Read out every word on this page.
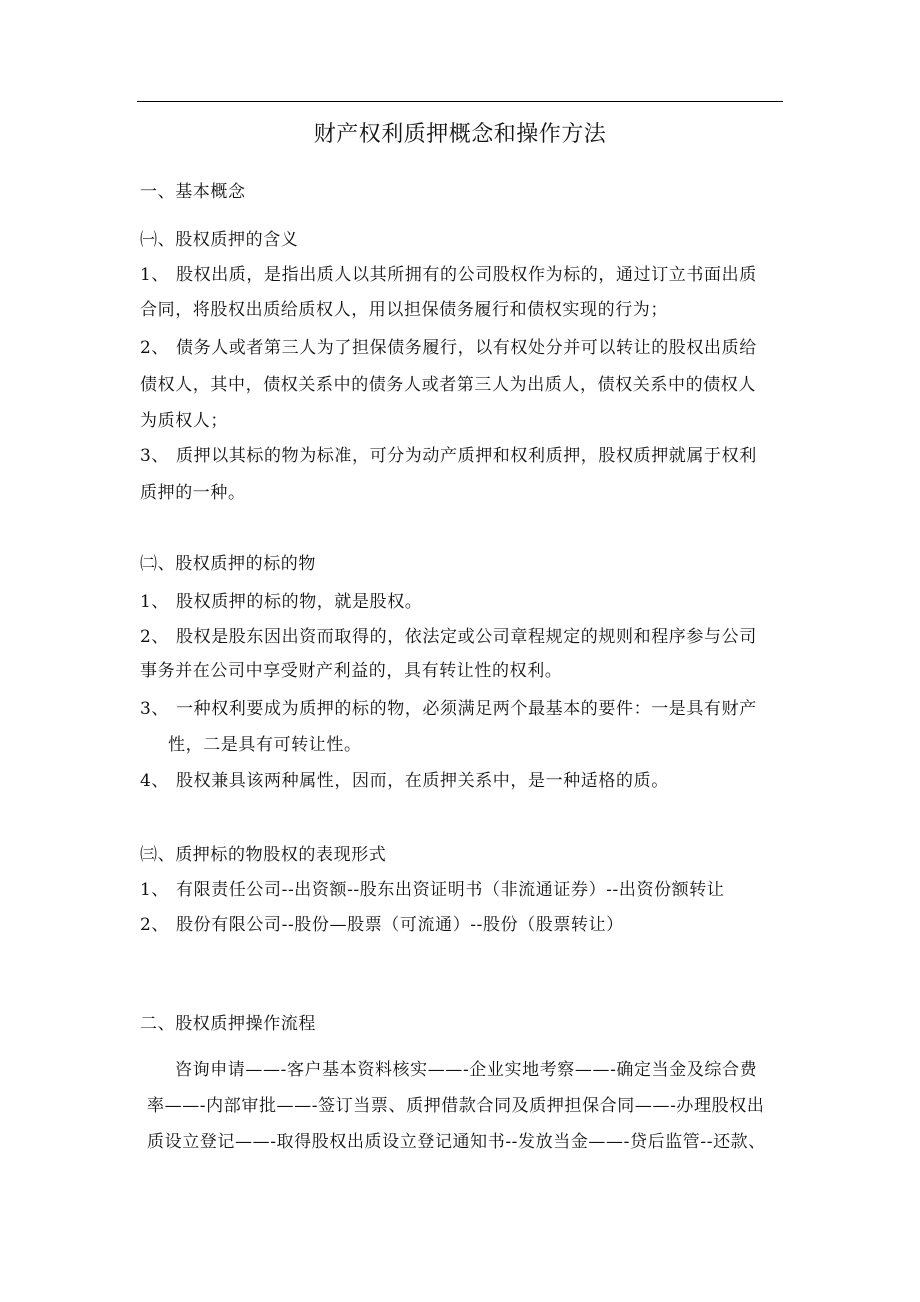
财产权利质押概念和操作方法
一、基本概念
㈠、股权质押的含义
1、 股权出质，是指出质人以其所拥有的公司股权作为标的，通过订立书面出质
合同，将股权出质给质权人，用以担保债务履行和债权实现的行为；
2、 债务人或者第三人为了担保债务履行，以有权处分并可以转让的股权出质给
债权人，其中，债权关系中的债务人或者第三人为出质人，债权关系中的债权人
为质权人；
3、 质押以其标的物为标准，可分为动产质押和权利质押，股权质押就属于权利
质押的一种。
㈡、股权质押的标的物
1、 股权质押的标的物，就是股权。
2、 股权是股东因出资而取得的，依法定或公司章程规定的规则和程序参与公司
事务并在公司中享受财产利益的，具有转让性的权利。
3、 一种权利要成为质押的标的物，必须满足两个最基本的要件：一是具有财产
性，二是具有可转让性。
4、 股权兼具该两种属性，因而，在质押关系中，是一种适格的质。
㈢、质押标的物股权的表现形式
1、 有限责任公司--出资额--股东出资证明书（非流通证券）--出资份额转让
2、 股份有限公司--股份—股票（可流通）--股份（股票转让）
二、股权质押操作流程
咨询申请——-客户基本资料核实——-企业实地考察——-确定当金及综合费
率——-内部审批——-签订当票、质押借款合同及质押担保合同——-办理股权出
质设立登记——-取得股权出质设立登记通知书--发放当金——-贷后监管--还款、
